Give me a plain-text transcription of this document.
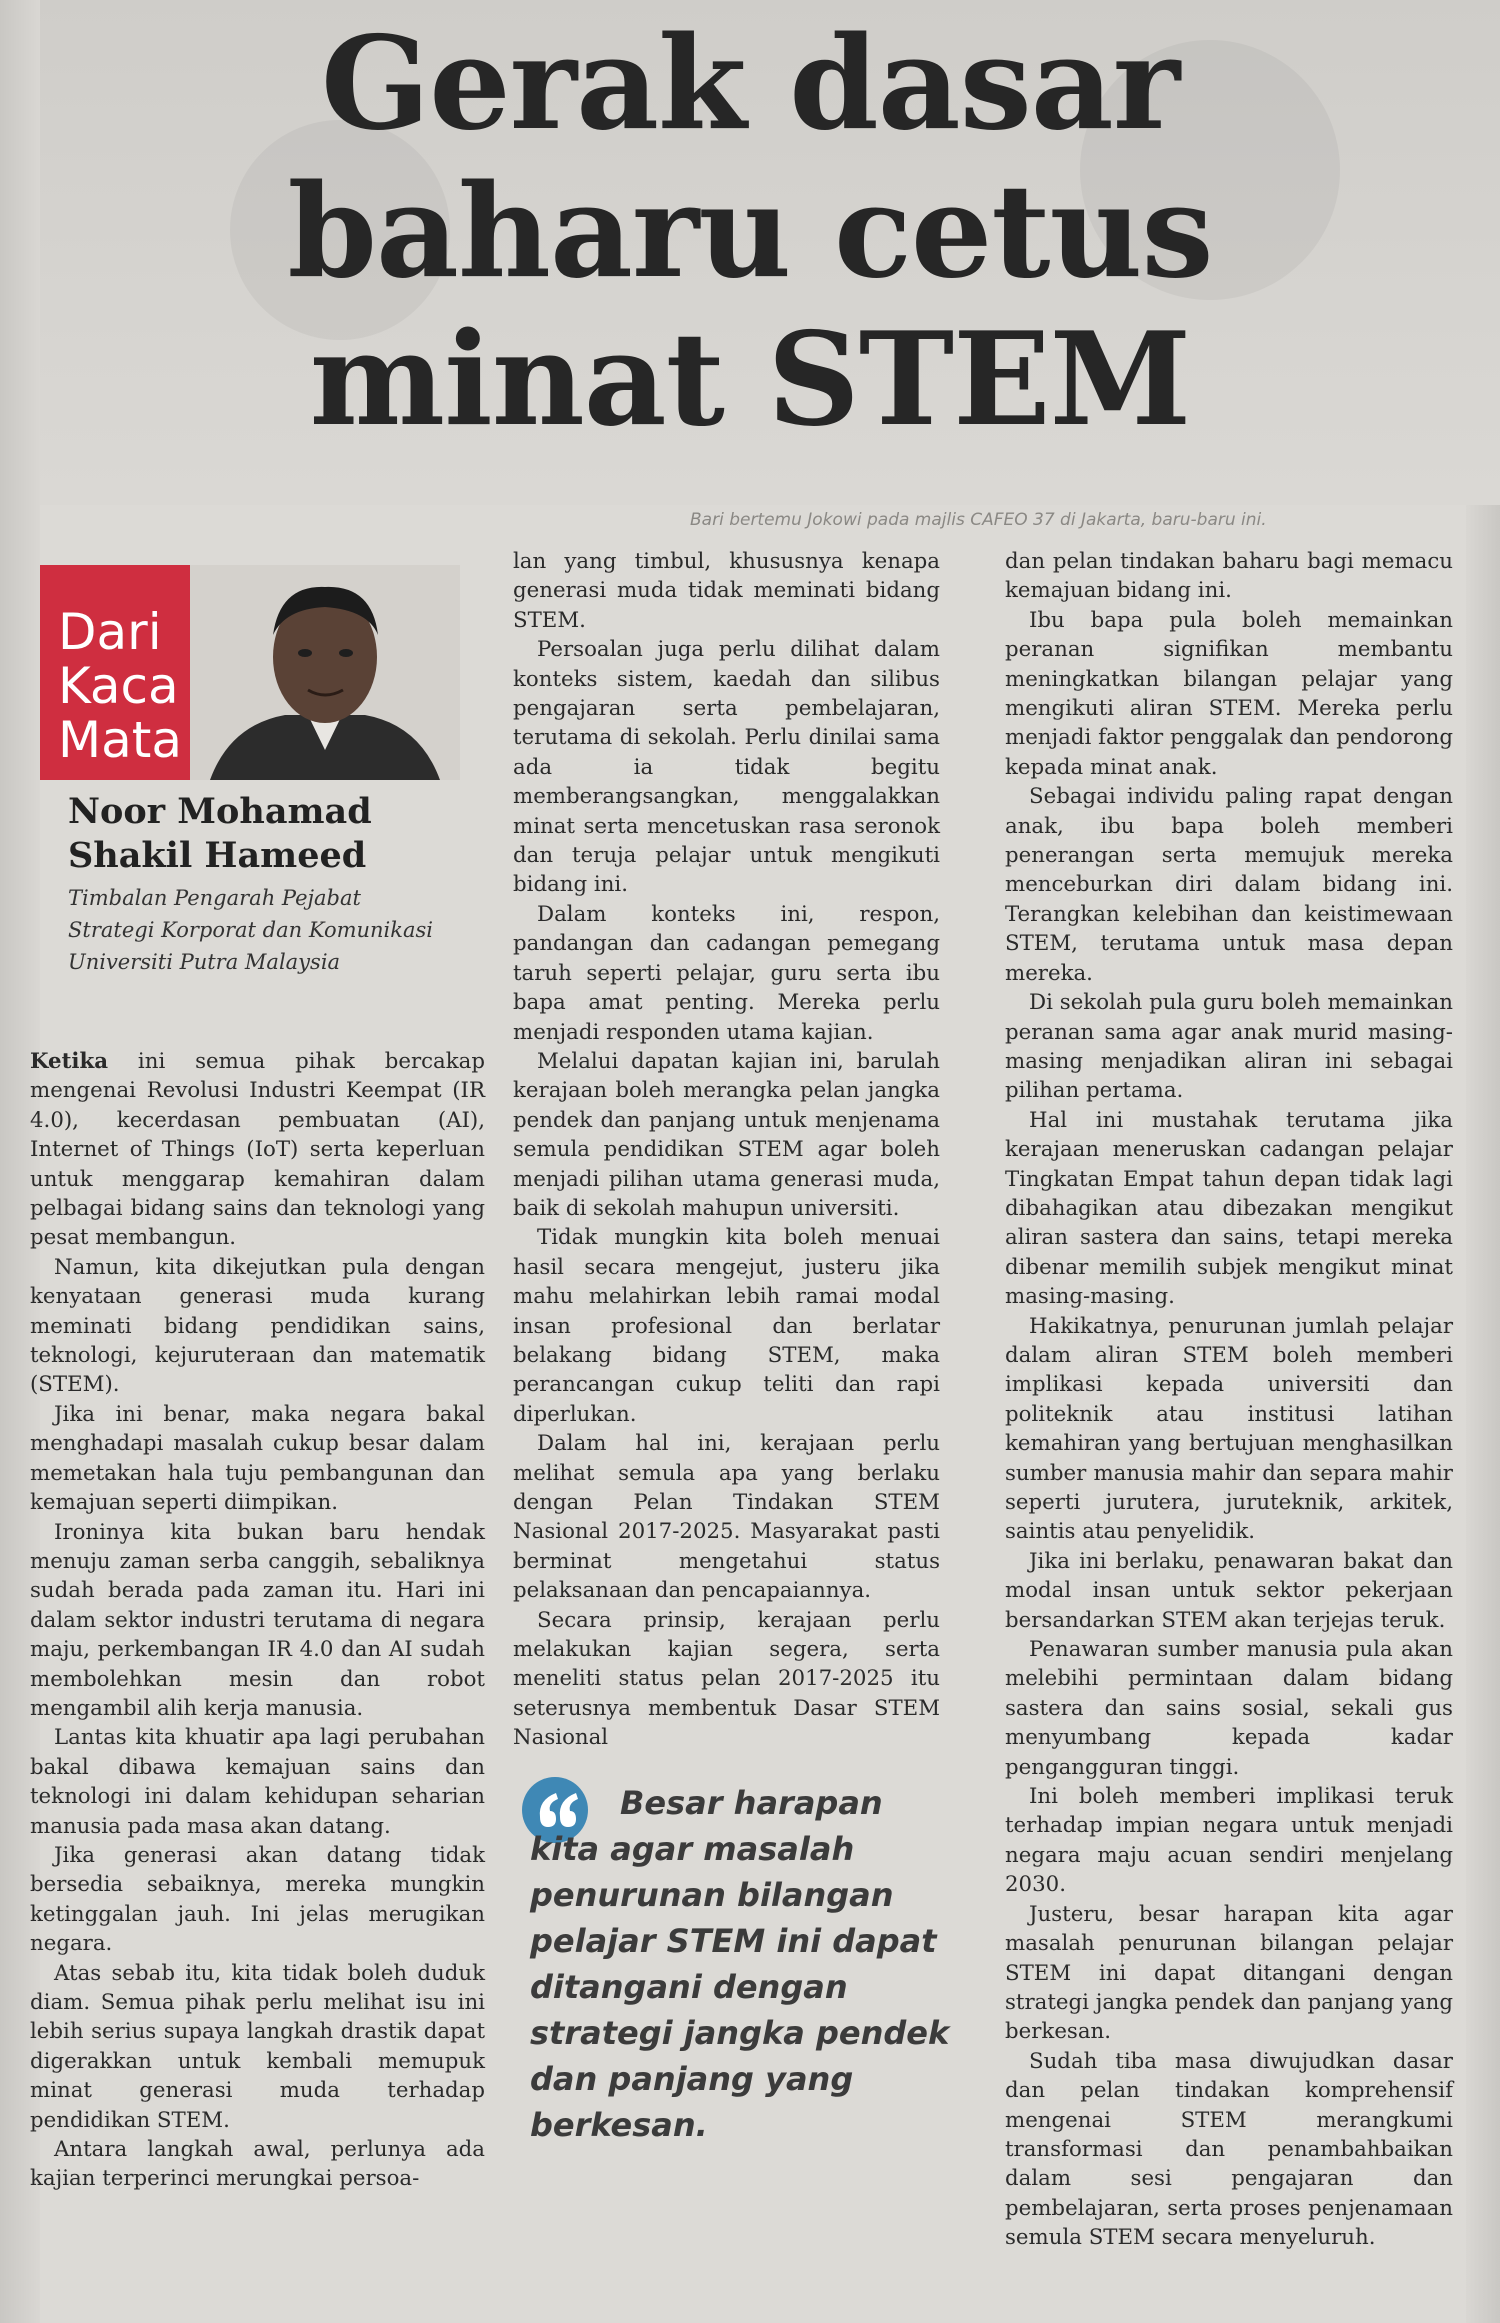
Gerak dasar baharu cetus minat STEM
Bari bertemu Jokowi pada majlis CAFEO 37 di Jakarta, baru-baru ini.

Dari Kaca Mata

Noor Mohamad Shakil Hameed

Timbalan Pengarah Pejabat Strategi Korporat dan Komunikasi Universiti Putra Malaysia

Ketika ini semua pihak bercakap mengenai Revolusi Industri Keempat (IR 4.0), kecerdasan pembuatan (AI), Internet of Things (IoT) serta keperluan untuk menggarap kemahiran dalam pelbagai bidang sains dan teknologi yang pesat membangun.

Namun, kita dikejutkan pula dengan kenyataan generasi muda kurang meminati bidang pendidikan sains, teknologi, kejuruteraan dan matematik (STEM).

Jika ini benar, maka negara bakal menghadapi masalah cukup besar dalam memetakan hala tuju pembangunan dan kemajuan seperti diimpikan.

Ironinya kita bukan baru hendak menuju zaman serba canggih, sebaliknya sudah berada pada zaman itu. Hari ini dalam sektor industri terutama di negara maju, perkembangan IR 4.0 dan AI sudah membolehkan mesin dan robot mengambil alih kerja manusia.

Lantas kita khuatir apa lagi perubahan bakal dibawa kemajuan sains dan teknologi ini dalam kehidupan seharian manusia pada masa akan datang.

Jika generasi akan datang tidak bersedia sebaiknya, mereka mungkin ketinggalan jauh. Ini jelas merugikan negara.

Atas sebab itu, kita tidak boleh duduk diam. Semua pihak perlu melihat isu ini lebih serius supaya langkah drastik dapat digerakkan untuk kembali memupuk minat generasi muda terhadap pendidikan STEM.

Antara langkah awal, perlunya ada kajian terperinci merungkai persoa-

lan yang timbul, khususnya kenapa generasi muda tidak meminati bidang STEM.

Persoalan juga perlu dilihat dalam konteks sistem, kaedah dan silibus pengajaran serta pembelajaran, terutama di sekolah. Perlu dinilai sama ada ia tidak begitu memberangsangkan, menggalakkan minat serta mencetuskan rasa seronok dan teruja pelajar untuk mengikuti bidang ini.

Dalam konteks ini, respon, pandangan dan cadangan pemegang taruh seperti pelajar, guru serta ibu bapa amat penting. Mereka perlu menjadi responden utama kajian.

Melalui dapatan kajian ini, barulah kerajaan boleh merangka pelan jangka pendek dan panjang untuk menjenama semula pendidikan STEM agar boleh menjadi pilihan utama generasi muda, baik di sekolah mahupun universiti.

Tidak mungkin kita boleh menuai hasil secara mengejut, justeru jika mahu melahirkan lebih ramai modal insan profesional dan berlatar belakang bidang STEM, maka perancangan cukup teliti dan rapi diperlukan.

Dalam hal ini, kerajaan perlu melihat semula apa yang berlaku dengan Pelan Tindakan STEM Nasional 2017-2025. Masyarakat pasti berminat mengetahui status pelaksanaan dan pencapaiannya.

Secara prinsip, kerajaan perlu melakukan kajian segera, serta meneliti status pelan 2017-2025 itu seterusnya membentuk Dasar STEM Nasional

dan pelan tindakan baharu bagi memacu kemajuan bidang ini.

Ibu bapa pula boleh memainkan peranan signifikan membantu meningkatkan bilangan pelajar yang mengikuti aliran STEM. Mereka perlu menjadi faktor penggalak dan pendorong kepada minat anak.

Sebagai individu paling rapat dengan anak, ibu bapa boleh memberi penerangan serta memujuk mereka menceburkan diri dalam bidang ini. Terangkan kelebihan dan keistimewaan STEM, terutama untuk masa depan mereka.

Di sekolah pula guru boleh memainkan peranan sama agar anak murid masing-masing menjadikan aliran ini sebagai pilihan pertama.

Hal ini mustahak terutama jika kerajaan meneruskan cadangan pelajar Tingkatan Empat tahun depan tidak lagi dibahagikan atau dibezakan mengikut aliran sastera dan sains, tetapi mereka dibenar memilih subjek mengikut minat masing-masing.

Hakikatnya, penurunan jumlah pelajar dalam aliran STEM boleh memberi implikasi kepada universiti dan politeknik atau institusi latihan kemahiran yang bertujuan menghasilkan sumber manusia mahir dan separa mahir seperti jurutera, juruteknik, arkitek, saintis atau penyelidik.

Jika ini berlaku, penawaran bakat dan modal insan untuk sektor pekerjaan bersandarkan STEM akan terjejas teruk.

Penawaran sumber manusia pula akan melebihi permintaan dalam bidang sastera dan sains sosial, sekali gus menyumbang kepada kadar pengangguran tinggi.

Ini boleh memberi implikasi teruk terhadap impian negara untuk menjadi negara maju acuan sendiri menjelang 2030.

Justeru, besar harapan kita agar masalah penurunan bilangan pelajar STEM ini dapat ditangani dengan strategi jangka pendek dan panjang yang berkesan.

Sudah tiba masa diwujudkan dasar dan pelan tindakan komprehensif mengenai STEM merangkumi transformasi dan penambahbaikan dalam sesi pengajaran dan pembelajaran, serta proses penjenamaan semula STEM secara menyeluruh.

Besar harapan kita agar masalah penurunan bilangan pelajar STEM ini dapat ditangani dengan strategi jangka pendek dan panjang yang berkesan.
